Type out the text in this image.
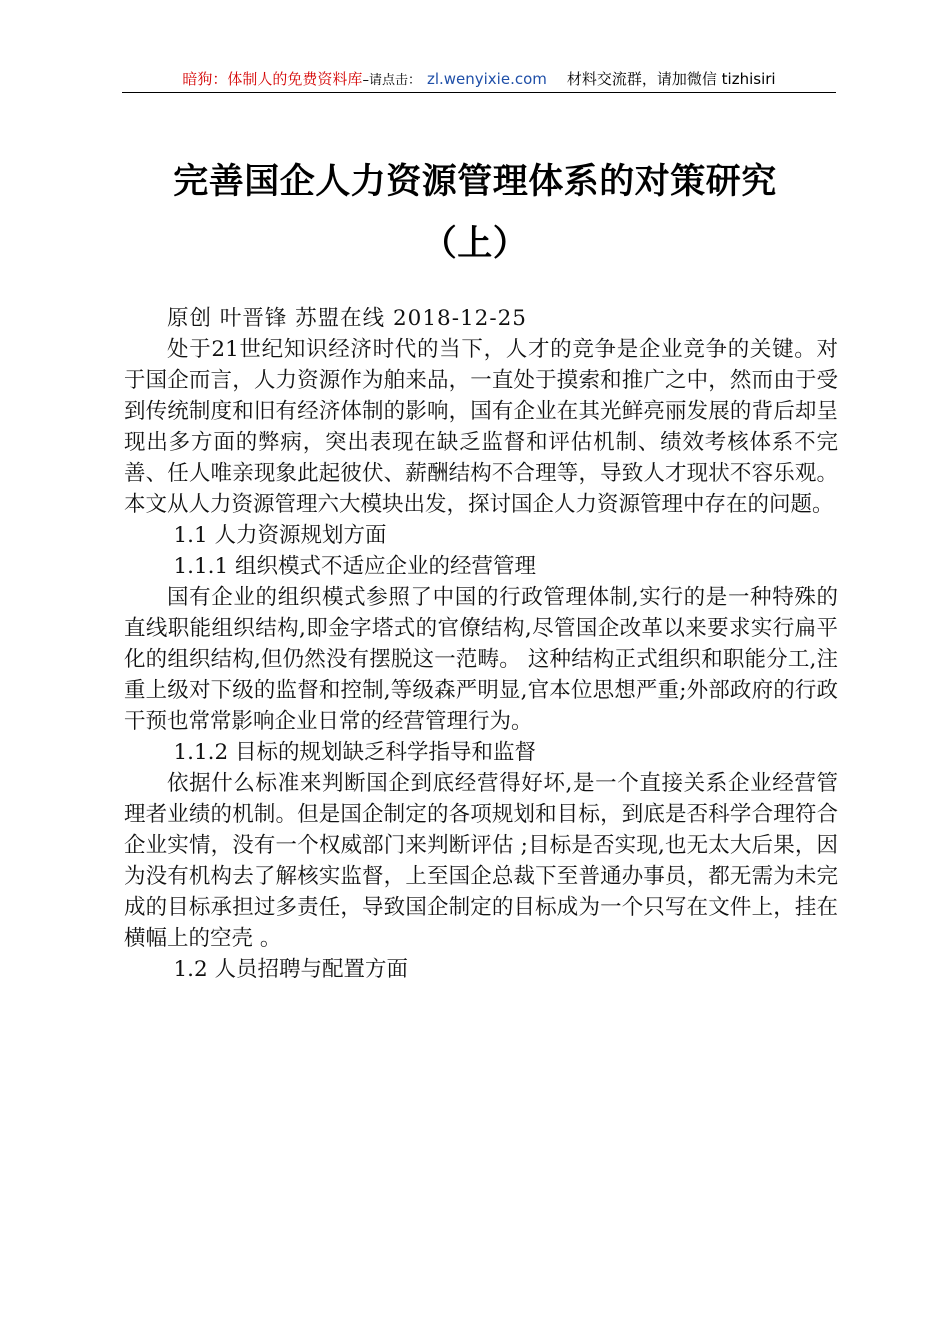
暗狗：体制人的免费资料库–请点击： zl.wenyixie.com 材料交流群，请加微信 tizhisiri
完善国企人力资源管理体系的对策研究
（上）

原创 叶晋锋 苏盟在线 2018-12-25

处于21世纪知识经济时代的当下，人才的竞争是企业竞争的关键。对于国企而言，人力资源作为舶来品，一直处于摸索和推广之中，然而由于受到传统制度和旧有经济体制的影响，国有企业在其光鲜亮丽发展的背后却呈现出多方面的弊病，突出表现在缺乏监督和评估机制、绩效考核体系不完善、任人唯亲现象此起彼伏、薪酬结构不合理等，导致人才现状不容乐观。本文从人力资源管理六大模块出发，探讨国企人力资源管理中存在的问题。

1.1 人力资源规划方面

1.1.1 组织模式不适应企业的经营管理

国有企业的组织模式参照了中国的行政管理体制,实行的是一种特殊的直线职能组织结构,即金字塔式的官僚结构,尽管国企改革以来要求实行扁平化的组织结构,但仍然没有摆脱这一范畴。 这种结构正式组织和职能分工,注重上级对下级的监督和控制,等级森严明显,官本位思想严重;外部政府的行政干预也常常影响企业日常的经营管理行为。

1.1.2 目标的规划缺乏科学指导和监督

依据什么标准来判断国企到底经营得好坏,是一个直接关系企业经营管理者业绩的机制。但是国企制定的各项规划和目标，到底是否科学合理符合企业实情，没有一个权威部门来判断评估 ;目标是否实现,也无太大后果，因为没有机构去了解核实监督，上至国企总裁下至普通办事员，都无需为未完成的目标承担过多责任，导致国企制定的目标成为一个只写在文件上，挂在横幅上的空壳 。

1.2 人员招聘与配置方面
